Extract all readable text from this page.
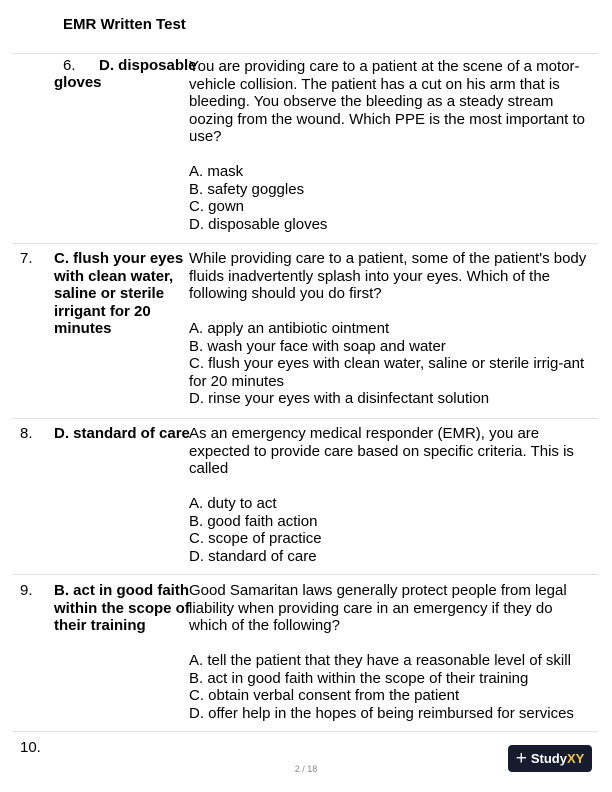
EMR Written Test
6. D. disposable
gloves

You are providing care to a patient at the scene of a motor-vehicle collision. The patient has a cut on his arm that is bleeding. You observe the bleeding as a steady stream oozing from the wound. Which PPE is the most important to use?

A. mask
B. safety goggles
C. gown
D. disposable gloves
7. C. flush your eyes with clean water, saline or sterile irrigant for 20 minutes

While providing care to a patient, some of the patient's body fluids inadvertently splash into your eyes. Which of the following should you do first?

A. apply an antibiotic ointment
B. wash your face with soap and water
C. flush your eyes with clean water, saline or sterile irrig-ant for 20 minutes
D. rinse your eyes with a disinfectant solution
8. D. standard of care As an emergency medical responder (EMR), you are expected to provide care based on specific criteria. This is called

A. duty to act
B. good faith action
C. scope of practice
D. standard of care
9. B. act in good faith within the scope of their training

Good Samaritan laws generally protect people from legal liability when providing care in an emergency if they do which of the following?

A. tell the patient that they have a reasonable level of skill
B. act in good faith within the scope of their training
C. obtain verbal consent from the patient
D. offer help in the hopes of being reimbursed for services
10.
2 / 18	+ Study XY
